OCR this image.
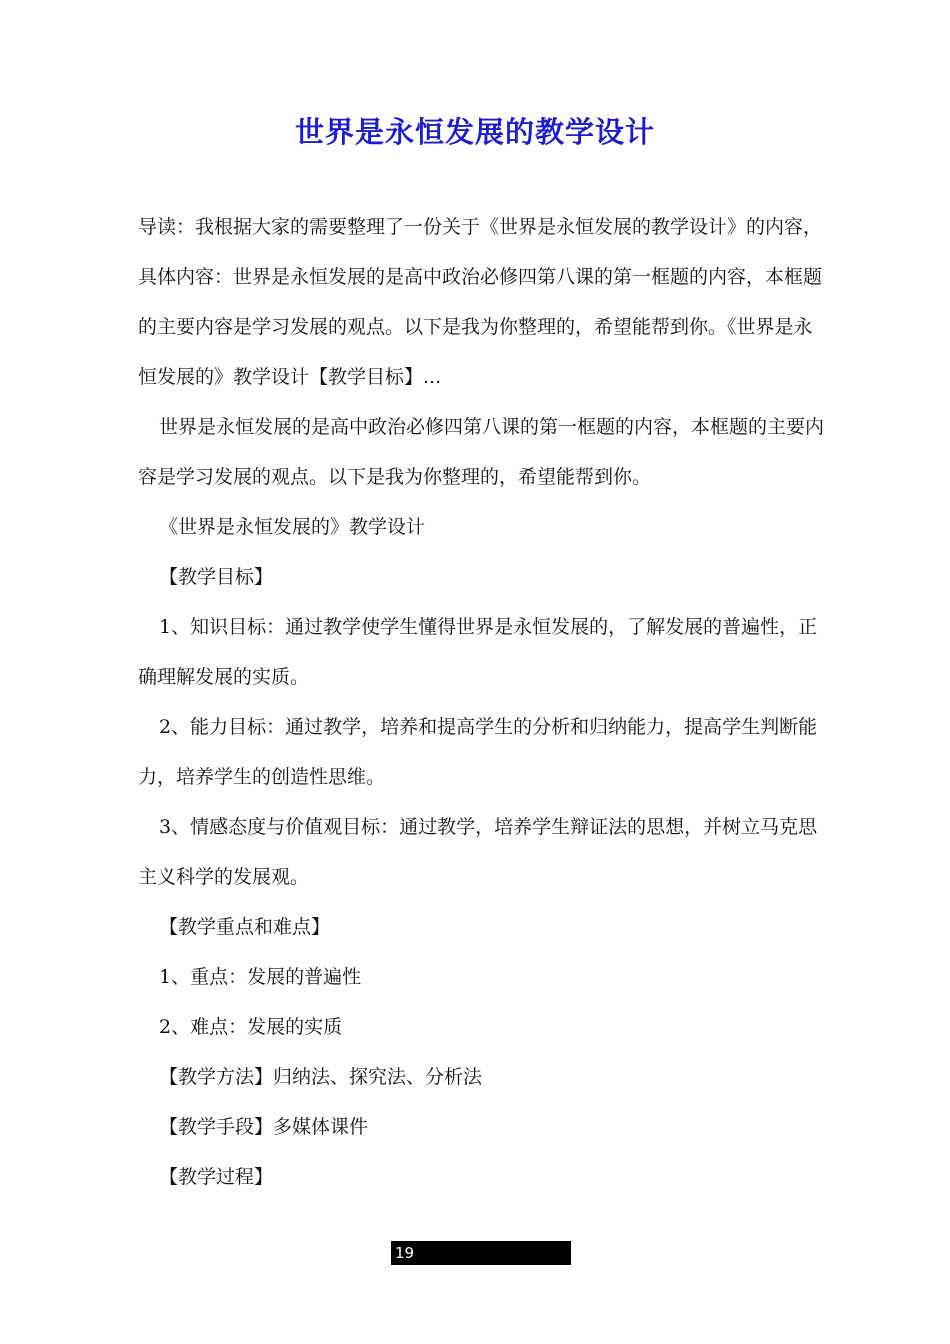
世界是永恒发展的教学设计

导读：我根据大家的需要整理了一份关于《世界是永恒发展的教学设计》的内容，具体内容：世界是永恒发展的是高中政治必修四第八课的第一框题的内容，本框题的主要内容是学习发展的观点。以下是我为你整理的，希望能帮到你。《世界是永恒发展的》教学设计【教学目标】...

世界是永恒发展的是高中政治必修四第八课的第一框题的内容，本框题的主要内容是学习发展的观点。以下是我为你整理的，希望能帮到你。

《世界是永恒发展的》教学设计

【教学目标】

1、知识目标：通过教学使学生懂得世界是永恒发展的，了解发展的普遍性，正确理解发展的实质。

2、能力目标：通过教学，培养和提高学生的分析和归纳能力，提高学生判断能力，培养学生的创造性思维。

3、情感态度与价值观目标：通过教学，培养学生辩证法的思想，并树立马克思主义科学的发展观。

【教学重点和难点】

1、重点：发展的普遍性

2、难点：发展的实质

【教学方法】归纳法、探究法、分析法

【教学手段】多媒体课件

【教学过程】

19
